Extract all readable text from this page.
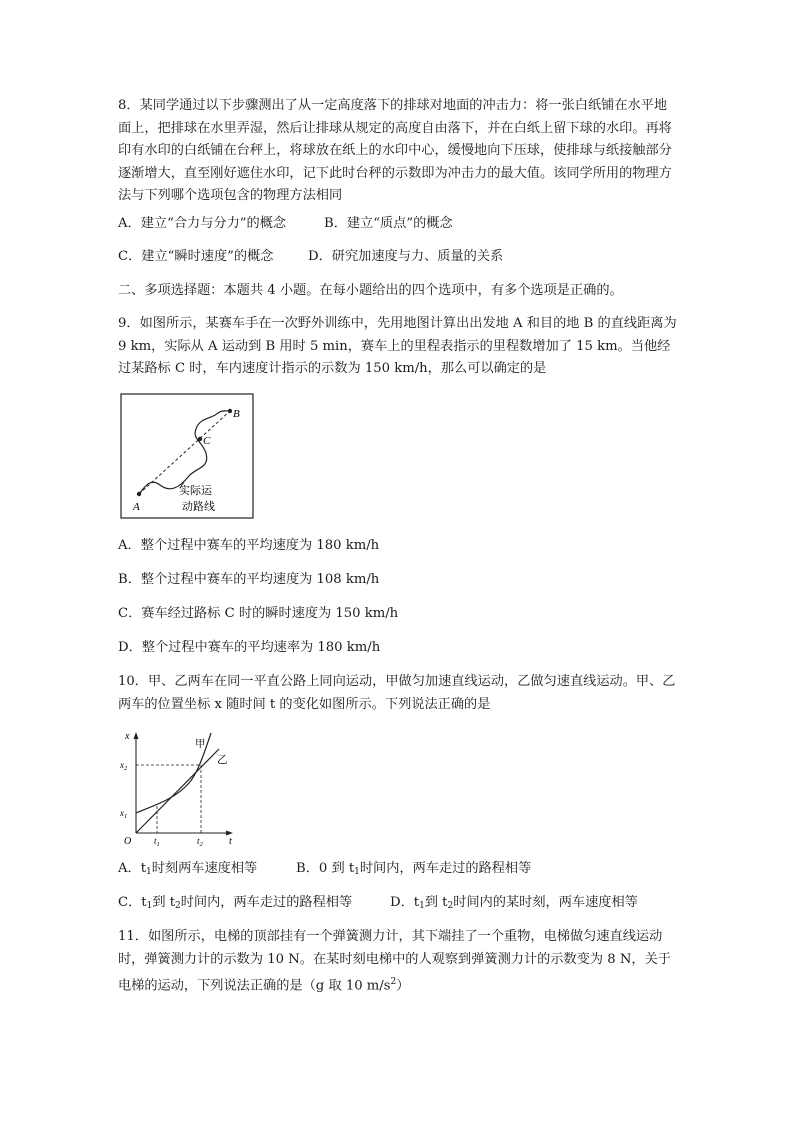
8．某同学通过以下步骤测出了从一定高度落下的排球对地面的冲击力：将一张白纸铺在水平地面上，把排球在水里弄湿，然后让排球从规定的高度自由落下，并在白纸上留下球的水印。再将印有水印的白纸铺在台秤上，将球放在纸上的水印中心，缓慢地向下压球，使排球与纸接触部分逐渐增大，直至刚好遮住水印，记下此时台秤的示数即为冲击力的最大值。该同学所用的物理方法与下列哪个选项包含的物理方法相同

A．建立“合力与分力”的概念	B．建立“质点”的概念

C．建立“瞬时速度”的概念	D．研究加速度与力、质量的关系

二、多项选择题：本题共 4 小题。在每小题给出的四个选项中，有多个选项是正确的。

9．如图所示，某赛车手在一次野外训练中，先用地图计算出出发地 A 和目的地 B 的直线距离为 9 km，实际从 A 运动到 B 用时 5 min，赛车上的里程表指示的里程数增加了 15 km。当他经过某路标 C 时，车内速度计指示的示数为 150 km/h，那么可以确定的是

A
B
C
实际运
动路线

A．整个过程中赛车的平均速度为 180 km/h

B．整个过程中赛车的平均速度为 108 km/h

C．赛车经过路标 C 时的瞬时速度为 150 km/h

D．整个过程中赛车的平均速率为 180 km/h

10．甲、乙两车在同一平直公路上同向运动，甲做匀加速直线运动，乙做匀速直线运动。甲、乙两车的位置坐标 x 随时间 t 的变化如图所示。下列说法正确的是

x
t
O
$x_2$
$x_1$
$t_1$	$t_2$
甲
乙

A．$t_1$时刻两车速度相等	B．0 到 $t_1$时间内，两车走过的路程相等

C．$t_1$到 $t_2$时间内，两车走过的路程相等	D．$t_1$到 $t_2$时间内的某时刻，两车速度相等

11．如图所示，电梯的顶部挂有一个弹簧测力计，其下端挂了一个重物，电梯做匀速直线运动时，弹簧测力计的示数为 10 N。在某时刻电梯中的人观察到弹簧测力计的示数变为 8 N，关于电梯的运动，下列说法正确的是（g 取 10 $m/s^2$）
